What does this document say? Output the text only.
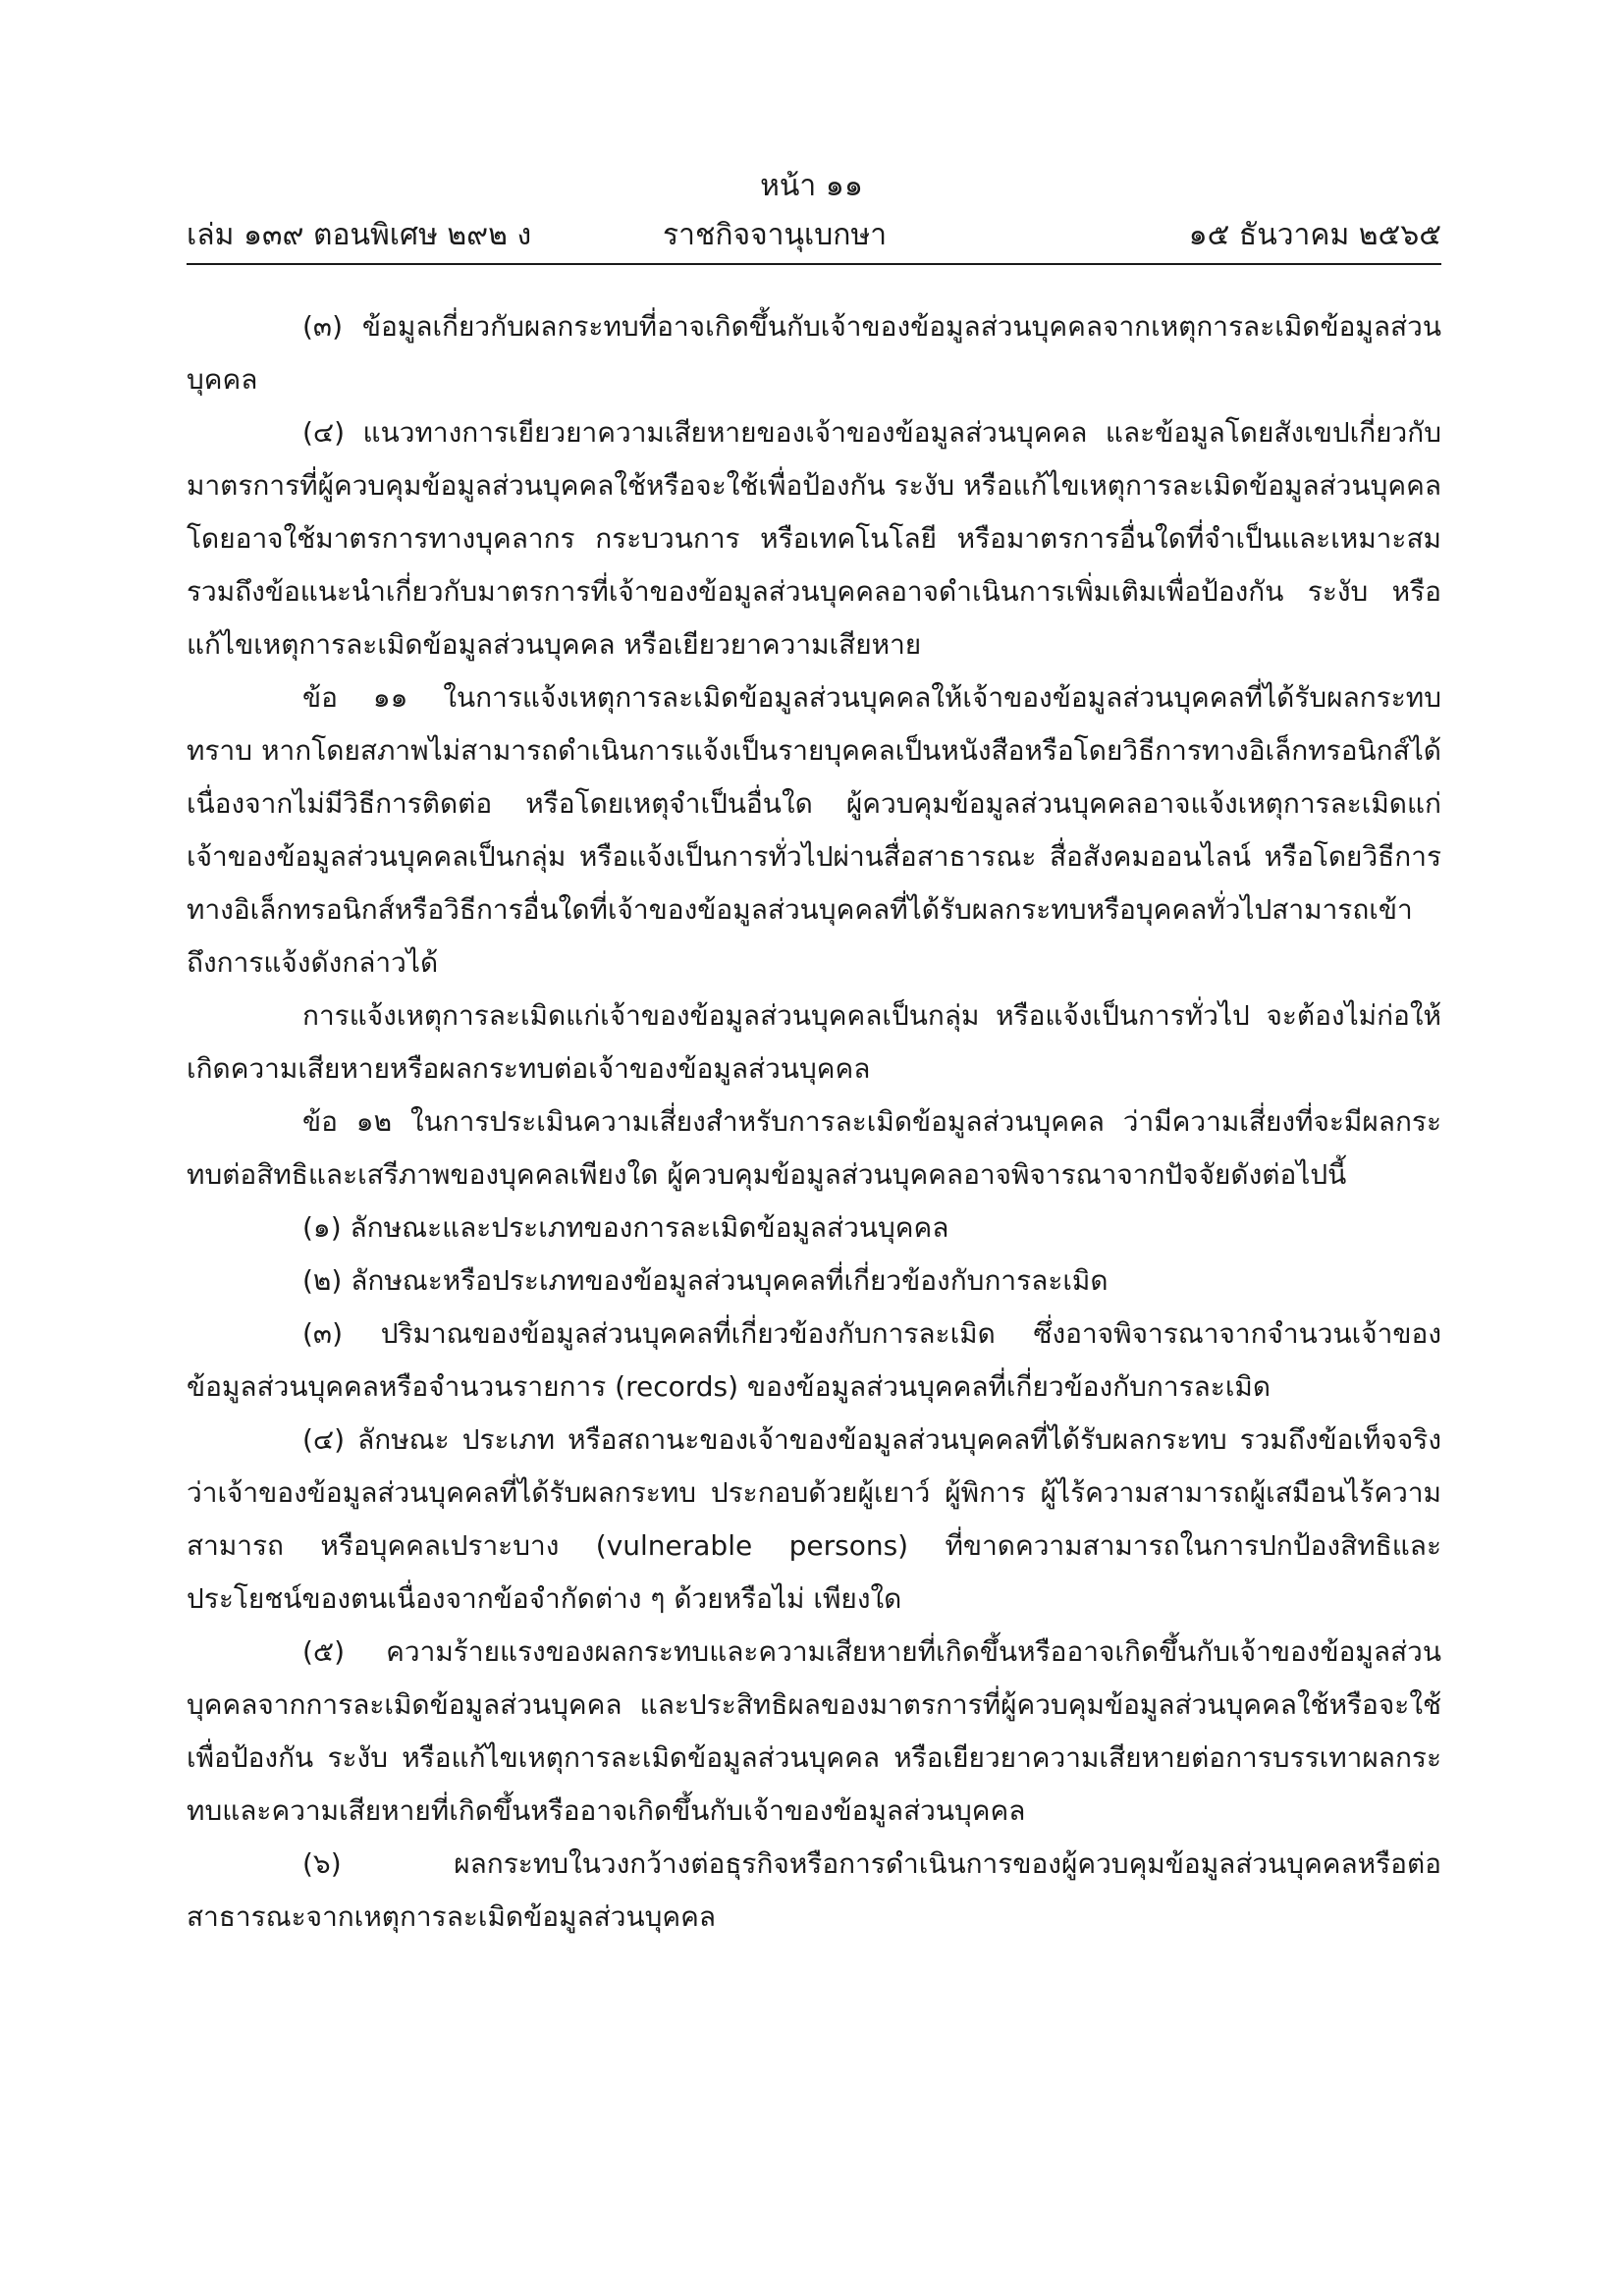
หน้า ๑๑
เล่ม ๑๓๙ ตอนพิเศษ ๒๙๒ ง	ราชกิจจานุเบกษา	๑๕ ธันวาคม ๒๕๖๕

(๓) ข้อมูลเกี่ยวกับผลกระทบที่อาจเกิดขึ้นกับเจ้าของข้อมูลส่วนบุคคลจากเหตุการละเมิดข้อมูลส่วนบุคคล

(๔) แนวทางการเยียวยาความเสียหายของเจ้าของข้อมูลส่วนบุคคล และข้อมูลโดยสังเขปเกี่ยวกับมาตรการที่ผู้ควบคุมข้อมูลส่วนบุคคลใช้หรือจะใช้เพื่อป้องกัน ระงับ หรือแก้ไขเหตุการละเมิดข้อมูลส่วนบุคคล โดยอาจใช้มาตรการทางบุคลากร กระบวนการ หรือเทคโนโลยี หรือมาตรการอื่นใดที่จำเป็นและเหมาะสม รวมถึงข้อแนะนำเกี่ยวกับมาตรการที่เจ้าของข้อมูลส่วนบุคคลอาจดำเนินการเพิ่มเติมเพื่อป้องกัน ระงับ หรือแก้ไขเหตุการละเมิดข้อมูลส่วนบุคคล หรือเยียวยาความเสียหาย

ข้อ ๑๑ ในการแจ้งเหตุการละเมิดข้อมูลส่วนบุคคลให้เจ้าของข้อมูลส่วนบุคคลที่ได้รับผลกระทบทราบ หากโดยสภาพไม่สามารถดำเนินการแจ้งเป็นรายบุคคลเป็นหนังสือหรือโดยวิธีการทางอิเล็กทรอนิกส์ได้เนื่องจากไม่มีวิธีการติดต่อ หรือโดยเหตุจำเป็นอื่นใด ผู้ควบคุมข้อมูลส่วนบุคคลอาจแจ้งเหตุการละเมิดแก่เจ้าของข้อมูลส่วนบุคคลเป็นกลุ่ม หรือแจ้งเป็นการทั่วไปผ่านสื่อสาธารณะ สื่อสังคมออนไลน์ หรือโดยวิธีการทางอิเล็กทรอนิกส์หรือวิธีการอื่นใดที่เจ้าของข้อมูลส่วนบุคคลที่ได้รับผลกระทบหรือบุคคลทั่วไปสามารถเข้าถึงการแจ้งดังกล่าวได้

การแจ้งเหตุการละเมิดแก่เจ้าของข้อมูลส่วนบุคคลเป็นกลุ่ม หรือแจ้งเป็นการทั่วไป จะต้องไม่ก่อให้เกิดความเสียหายหรือผลกระทบต่อเจ้าของข้อมูลส่วนบุคคล

ข้อ ๑๒ ในการประเมินความเสี่ยงสำหรับการละเมิดข้อมูลส่วนบุคคล ว่ามีความเสี่ยงที่จะมีผลกระทบต่อสิทธิและเสรีภาพของบุคคลเพียงใด ผู้ควบคุมข้อมูลส่วนบุคคลอาจพิจารณาจากปัจจัยดังต่อไปนี้

(๑) ลักษณะและประเภทของการละเมิดข้อมูลส่วนบุคคล

(๒) ลักษณะหรือประเภทของข้อมูลส่วนบุคคลที่เกี่ยวข้องกับการละเมิด

(๓) ปริมาณของข้อมูลส่วนบุคคลที่เกี่ยวข้องกับการละเมิด ซึ่งอาจพิจารณาจากจำนวนเจ้าของข้อมูลส่วนบุคคลหรือจำนวนรายการ (records) ของข้อมูลส่วนบุคคลที่เกี่ยวข้องกับการละเมิด

(๔) ลักษณะ ประเภท หรือสถานะของเจ้าของข้อมูลส่วนบุคคลที่ได้รับผลกระทบ รวมถึงข้อเท็จจริงว่าเจ้าของข้อมูลส่วนบุคคลที่ได้รับผลกระทบ ประกอบด้วยผู้เยาว์ ผู้พิการ ผู้ไร้ความสามารถผู้เสมือนไร้ความสามารถ หรือบุคคลเปราะบาง (vulnerable persons) ที่ขาดความสามารถในการปกป้องสิทธิและประโยชน์ของตนเนื่องจากข้อจำกัดต่าง ๆ ด้วยหรือไม่ เพียงใด

(๕) ความร้ายแรงของผลกระทบและความเสียหายที่เกิดขึ้นหรืออาจเกิดขึ้นกับเจ้าของข้อมูลส่วนบุคคลจากการละเมิดข้อมูลส่วนบุคคล และประสิทธิผลของมาตรการที่ผู้ควบคุมข้อมูลส่วนบุคคลใช้หรือจะใช้เพื่อป้องกัน ระงับ หรือแก้ไขเหตุการละเมิดข้อมูลส่วนบุคคล หรือเยียวยาความเสียหายต่อการบรรเทาผลกระทบและความเสียหายที่เกิดขึ้นหรืออาจเกิดขึ้นกับเจ้าของข้อมูลส่วนบุคคล

(๖) ผลกระทบในวงกว้างต่อธุรกิจหรือการดำเนินการของผู้ควบคุมข้อมูลส่วนบุคคลหรือต่อสาธารณะจากเหตุการละเมิดข้อมูลส่วนบุคคล
